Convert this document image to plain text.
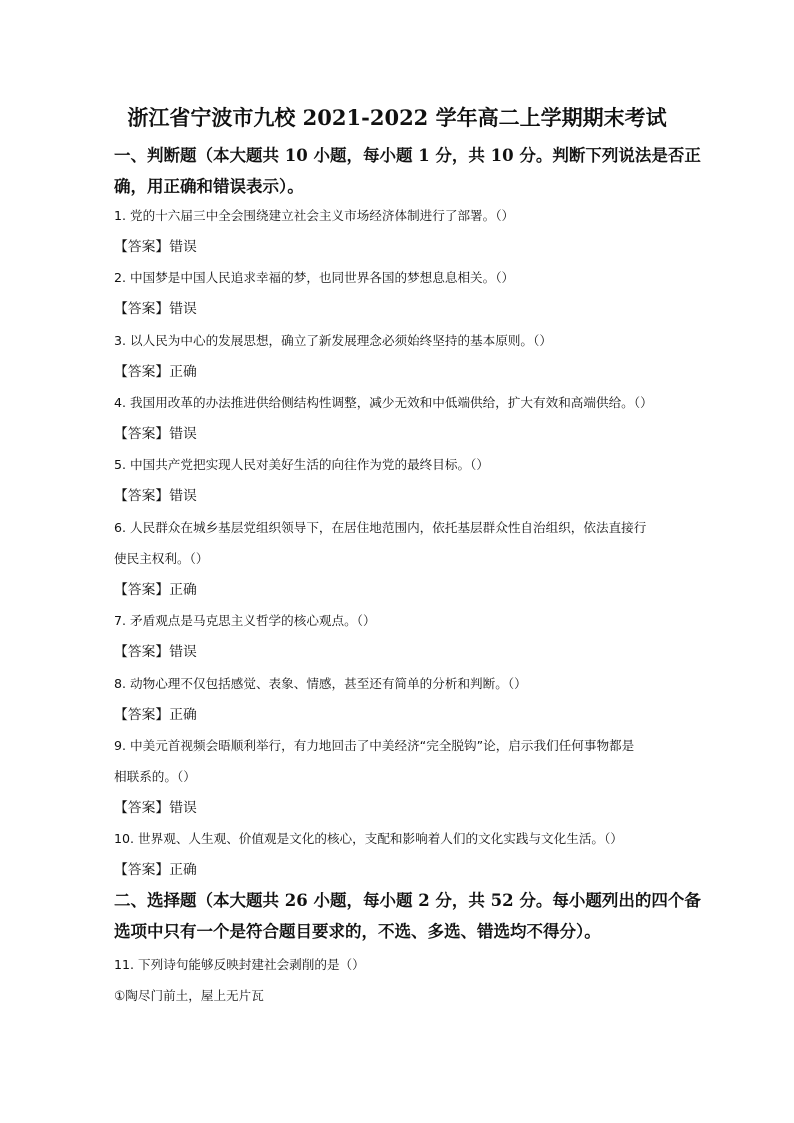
浙江省宁波市九校 2021-2022 学年高二上学期期末考试
一、判断题（本大题共 10 小题，每小题 1 分，共 10 分。判断下列说法是否正确，用正确和错误表示）。
1. 党的十六届三中全会围绕建立社会主义市场经济体制进行了部署。（）
【答案】错误
2. 中国梦是中国人民追求幸福的梦，也同世界各国的梦想息息相关。（）
【答案】错误
3. 以人民为中心的发展思想，确立了新发展理念必须始终坚持的基本原则。（）
【答案】正确
4. 我国用改革的办法推进供给侧结构性调整，减少无效和中低端供给，扩大有效和高端供给。（）
【答案】错误
5. 中国共产党把实现人民对美好生活的向往作为党的最终目标。（）
【答案】错误
6. 人民群众在城乡基层党组织领导下，在居住地范围内，依托基层群众性自治组织，依法直接行
使民主权利。（）
【答案】正确
7. 矛盾观点是马克思主义哲学的核心观点。（）
【答案】错误
8. 动物心理不仅包括感觉、表象、情感，甚至还有简单的分析和判断。（）
【答案】正确
9. 中美元首视频会晤顺利举行，有力地回击了中美经济“完全脱钩”论，启示我们任何事物都是
相联系的。（）
【答案】错误
10. 世界观、人生观、价值观是文化的核心，支配和影响着人们的文化实践与文化生活。（）
【答案】正确
二、选择题（本大题共 26 小题，每小题 2 分，共 52 分。每小题列出的四个备选项中只有一个是符合题目要求的，不选、多选、错选均不得分）。
11. 下列诗句能够反映封建社会剥削的是（）
①陶尽门前土，屋上无片瓦
